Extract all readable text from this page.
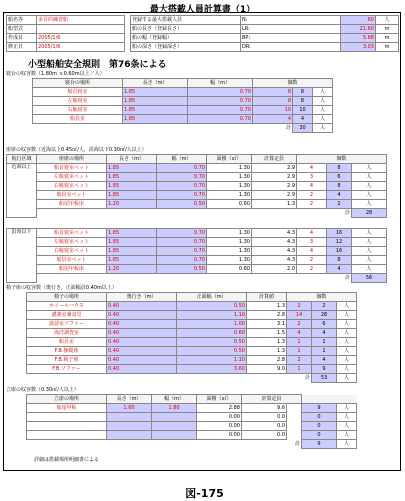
最大搭載人員計算書（1）
船名等	多目的練習船
船型式	
作成日	2005/1/6
修正日	2005/1/6
登録する最大搭載人員	N:	60	人
船の長さ（登録長さ）	LR:	21.60	m
船の幅（登録幅）	BP:	5.68	m
船の深さ（登録深さ）	DR:	3.03	m
小型船舶安全規則　第76条による
寝台の収容数（1.80m ｘ0.60m以上／人）
寝台の場所	長さ（m）	幅（m）	個数		
船首寝室	1.85	0.70	8	8	人
左舷寝室	1.85	0.70	8	8	人
右舷寝室	1.85	0.70	10	10	人
船員室	1.85	0.70	4	4	人
			計	30	人
座席の収容数（近海以上0.45㎡/人，沿海以下0.30㎡/人以上）
航行区域	座席の場所	長さ（m）	幅（m）	面積（㎡）	計算定員	個数			
近海以上	船首寝室ベット	1.85	0.70	1.30	2.9	4	8	人	
	左舷寝室ベット	1.85	0.70	1.30	2.9	3	6	人	
	右舷寝室ベット	1.85	0.70	1.30	2.9	4	8	人	
	船員室ベット	1.85	0.70	1.30	2.9	2	4	人	
	船尾甲板床	1.20	0.50	0.60	1.3	2	2	人	
							計	28	

沿海以下	船首寝室ベット	1.85	0.70	1.30	4.3	4	16	人	
	左舷寝室ベット	1.85	0.70	1.30	4.3	3	12	人	
	右舷寝室ベット	1.85	0.70	1.30	4.3	4	16	人	
	船員室ベット	1.85	0.70	1.30	4.3	2	8	人	
	船尾甲板床	1.20	0.50	0.60	2.0	2	4	人	
							計	56	
椅子席の収容数（奥行き，正面幅員0.40m以上）
椅子の場所	奥行き（m）	正面幅（m）	計算値	個数		
ホイールハウス	0.40	0.50	1.3	2	2	人
講義室兼食堂	0.40	1.10	2.8	14	28	人
談話室ソファー	0.40	1.00	3.1	2	6	人
海洋調査室	0.40	0.60	1.5	4	4	人
船員室	0.40	0.50	1.3	1	1	人
F.B.操縦席	0.40	0.50	1.3	1	1	人
F.B.椅子席	0.40	1.10	2.8	2	4	人
F.B.ソファー	0.40	3.60	9.0	1	9	人
				計	53	人
立席の収容数（0.30㎡/人以上）
立席の場所	長さ（m）	幅（m）	面積（㎡）	計算定員			
船尾甲板	1.60	1.80	2.88	9.6		9	人
			0.00	0.0		0	人
			0.00	0.0		0	人
			0.00	0.0		0	人
					計	9	人
詳細は搭載場所明細書による
図-175
